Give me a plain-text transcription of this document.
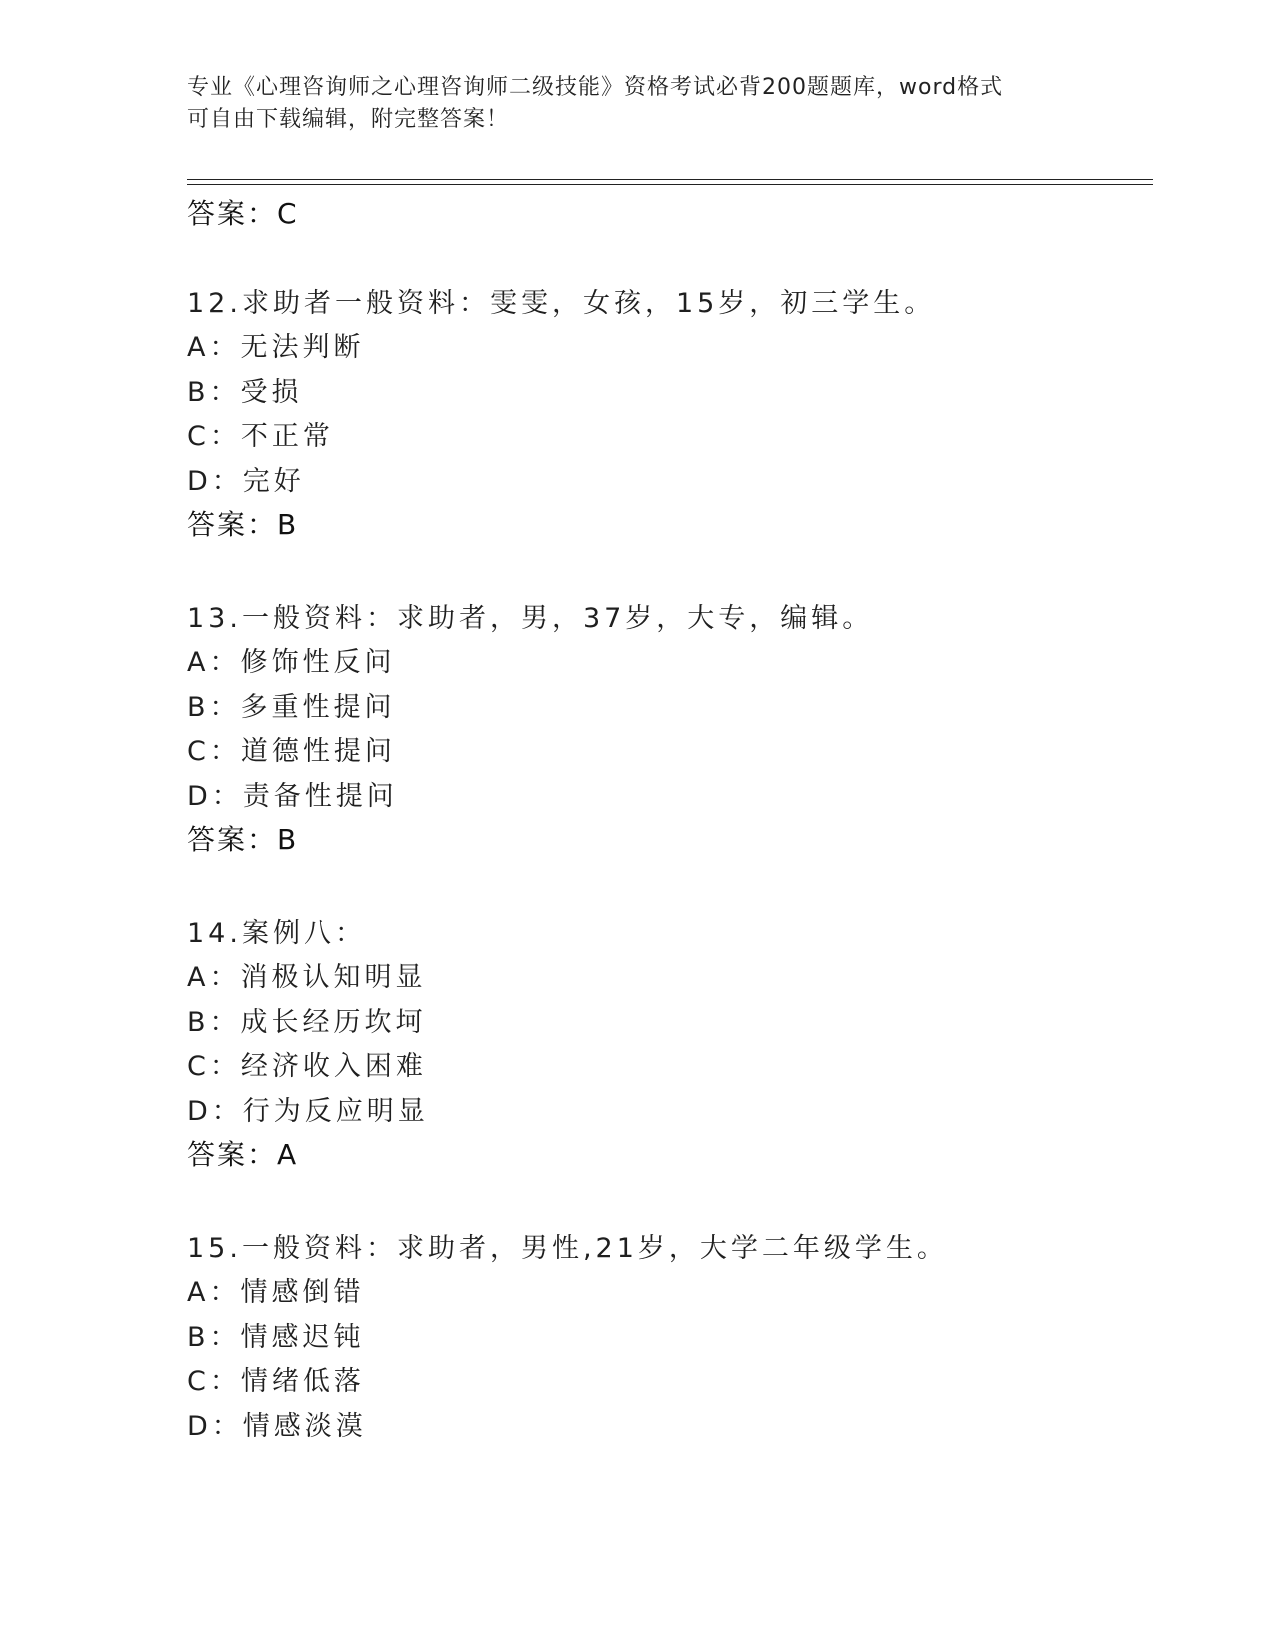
专业《心理咨询师之心理咨询师二级技能》资格考试必背200题题库，word格式
可自由下载编辑，附完整答案！
答案：C
12.求助者一般资料：雯雯，女孩，15岁，初三学生。
A：无法判断
B：受损
C：不正常
D：完好
答案：B
13.一般资料：求助者，男，37岁，大专，编辑。
A：修饰性反问
B：多重性提问
C：道德性提问
D：责备性提问
答案：B
14.案例八：
A：消极认知明显
B：成长经历坎坷
C：经济收入困难
D：行为反应明显
答案：A
15.一般资料：求助者，男性,21岁，大学二年级学生。
A：情感倒错
B：情感迟钝
C：情绪低落
D：情感淡漠
